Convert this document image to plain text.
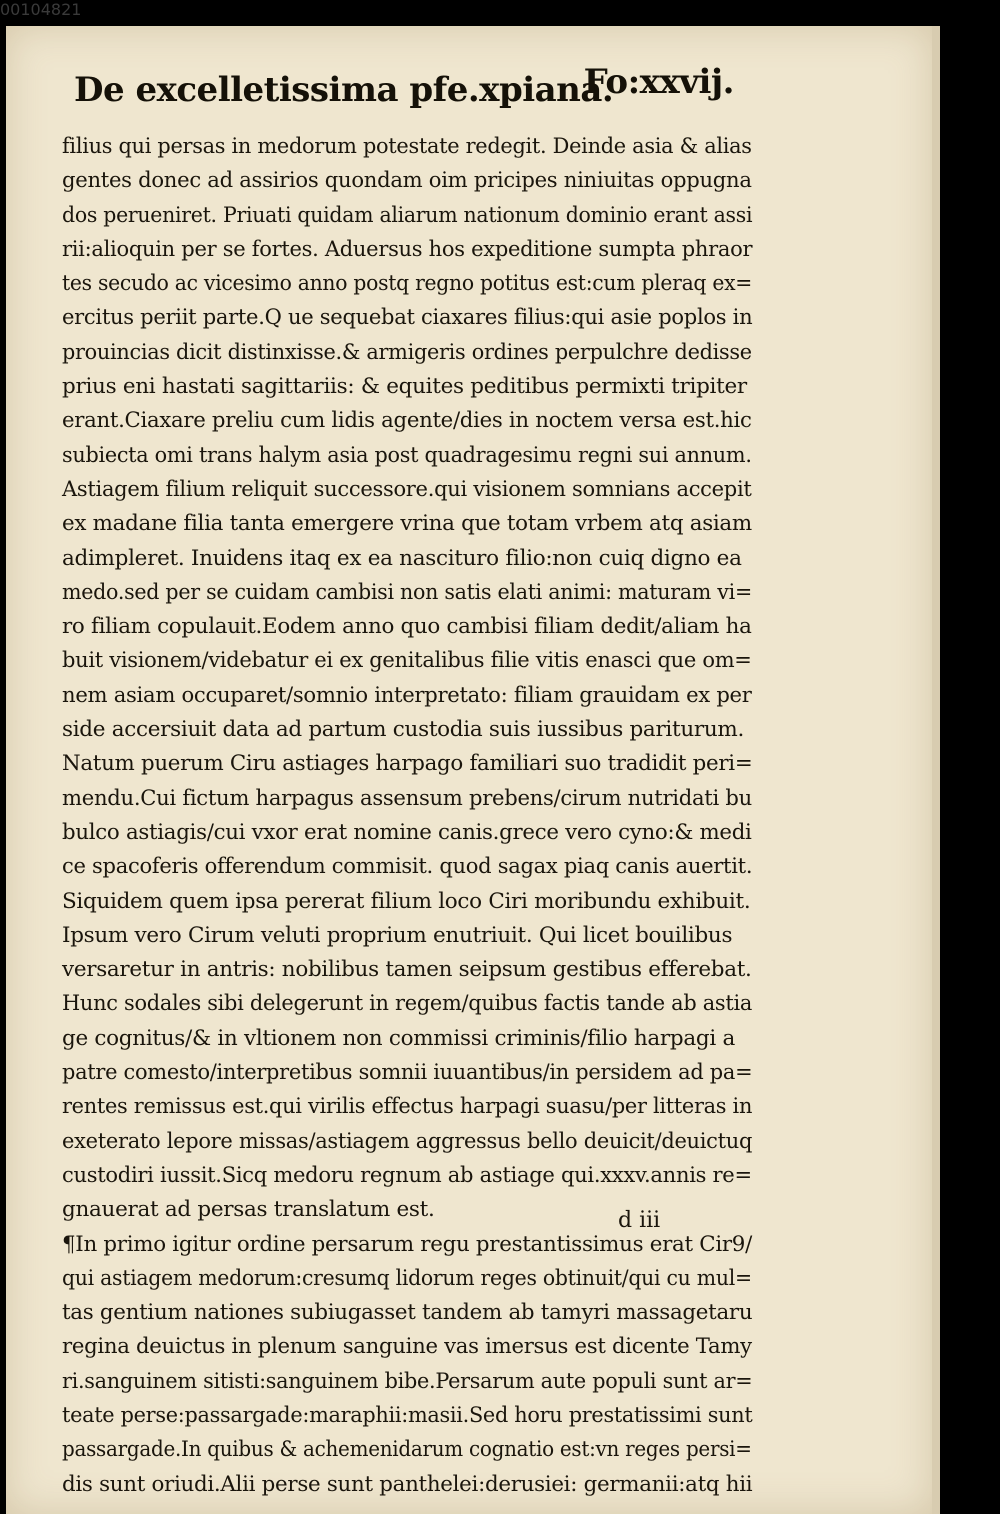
00104821
De excelletissima pfe.xpiana.
Fo:xxvij.
filius qui persas in medorum potestate redegit. Deinde asia & alias
gentes donec ad assirios quondam oim pricipes niniuitas oppugna
dos perueniret. Priuati quidam aliarum nationum dominio erant assi
rii:alioquin per se fortes. Aduersus hos expeditione sumpta phraor
tes secudo ac vicesimo anno postq regno potitus est:cum pleraq ex=
ercitus periit parte.Q ue sequebat ciaxares filius:qui asie poplos in
prouincias dicit distinxisse.& armigeris ordines perpulchre dedisse
prius eni hastati sagittariis: & equites peditibus permixti tripiter
erant.Ciaxare preliu cum lidis agente/dies in noctem versa est.hic
subiecta omi trans halym asia post quadragesimu regni sui annum.
Astiagem filium reliquit successore.qui visionem somnians accepit
ex madane filia tanta emergere vrina que totam vrbem atq asiam
adimpleret. Inuidens itaq ex ea nasciturо filio:non cuiq digno ea
medo.sed per se cuidam cambisi non satis elati animi: maturam vi=
ro filiam copulauit.Eodem anno quo cambisi filiam dedit/aliam ha
buit visionem/videbatur ei ex genitalibus filie vitis enasci que om=
nem asiam occuparet/somnio interpretato: filiam grauidam ex per
side accersiuit data ad partum custodia suis iussibus pariturum.
Natum puerum Ciru astiages harpago familiari suo tradidit peri=
mendu.Cui fictum harpagus assensum prebens/cirum nutridati bu
bulco astiagis/cui vxor erat nomine canis.grece vero cyno:& medi
ce spacoferis offerendum commisit. quod sagax piaq canis auertit.
Siquidem quem ipsa pererat filium loco Ciri moribundu exhibuit.
Ipsum vero Cirum veluti proprium enutriuit. Qui licet bouilibus
versaretur in antris: nobilibus tamen seipsum gestibus efferebat.
Hunc sodales sibi delegerunt in regem/quibus factis tande ab astia
ge cognitus/& in vltionem non commissi criminis/filio harpagi a
patre comesto/interpretibus somnii iuuantibus/in persidem ad pa=
rentes remissus est.qui virilis effectus harpagi suasu/per litteras in
exeterato lepore missas/astiagem aggressus bello deuicit/deuictuq
custodiri iussit.Sicq medoru regnum ab astiage qui.xxxv.annis re=
gnauerat ad persas translatum est.
¶In primo igitur ordine persarum regu prestantissimus erat Cir9/
qui astiagem medorum:cresumq lidorum reges obtinuit/qui cu mul=
tas gentium nationes subiugasset tandem ab tamyri massagetaru
regina deuictus in plenum sanguine vas imersus est dicente Tamy
ri.sanguinem sitisti:sanguinem bibe.Persarum aute populi sunt ar=
teate perse:passargade:maraphii:masii.Sed horu prestatissimi sunt
passargade.In quibus & achemenidarum cognatio est:vn reges persi=
dis sunt oriudi.Alii perse sunt panthelei:derusiei: germanii:atq hii
d iii
